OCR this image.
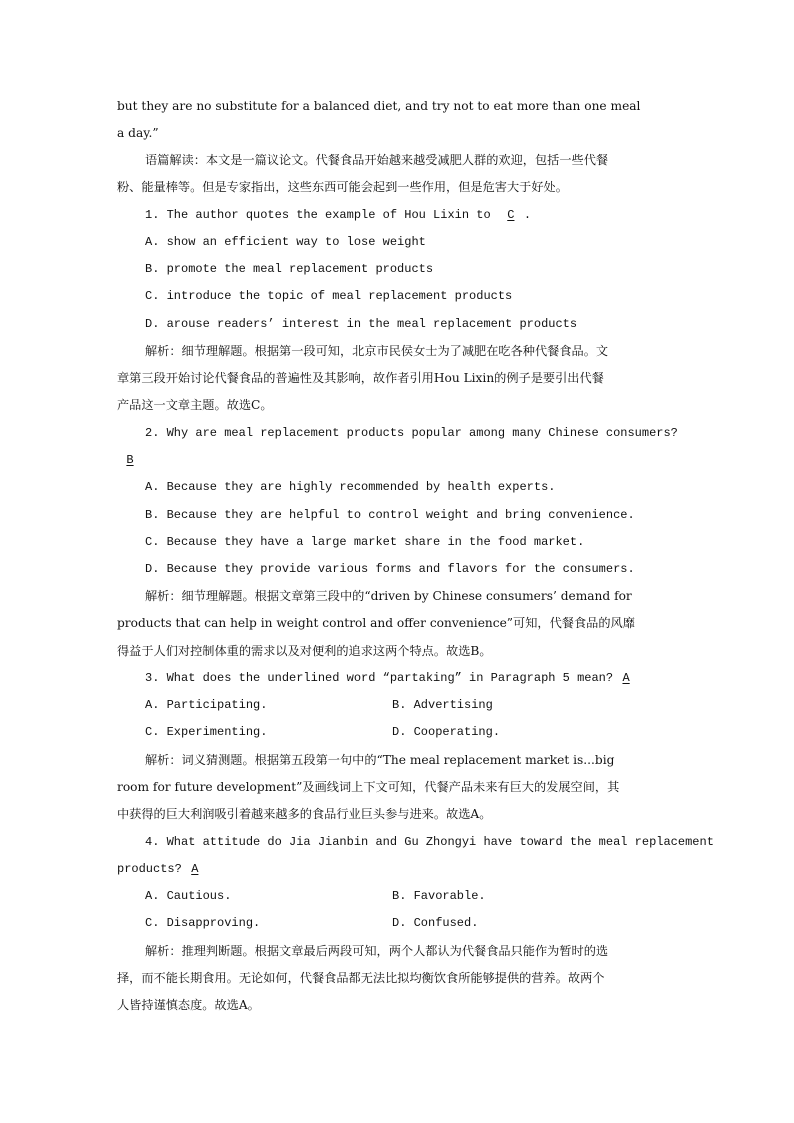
but they are no substitute for a balanced diet, and try not to eat more than one meal
a day.”
语篇解读：本文是一篇议论文。代餐食品开始越来越受减肥人群的欢迎，包括一些代餐
粉、能量棒等。但是专家指出，这些东西可能会起到一些作用，但是危害大于好处。
1. The author quotes the example of Hou Lixin to C .
A. show an efficient way to lose weight
B. promote the meal replacement products
C. introduce the topic of meal replacement products
D. arouse readers’ interest in the meal replacement products
解析：细节理解题。根据第一段可知，北京市民侯女士为了减肥在吃各种代餐食品。文
章第三段开始讨论代餐食品的普遍性及其影响，故作者引用Hou Lixin的例子是要引出代餐
产品这一文章主题。故选C。
2. Why are meal replacement products popular among many Chinese consumers?
B
A. Because they are highly recommended by health experts.
B. Because they are helpful to control weight and bring convenience.
C. Because they have a large market share in the food market.
D. Because they provide various forms and flavors for the consumers.
解析：细节理解题。根据文章第三段中的“driven by Chinese consumers’ demand for
products that can help in weight control and offer convenience”可知，代餐食品的风靡
得益于人们对控制体重的需求以及对便利的追求这两个特点。故选B。
3. What does the underlined word “partaking” in Paragraph 5 mean? A
A. Participating.	B. Advertising
C. Experimenting.	D. Cooperating.
解析：词义猜测题。根据第五段第一句中的“The meal replacement market is...big
room for future development”及画线词上下文可知，代餐产品未来有巨大的发展空间，其
中获得的巨大利润吸引着越来越多的食品行业巨头参与进来。故选A。
4. What attitude do Jia Jianbin and Gu Zhongyi have toward the meal replacement
products? A
A. Cautious.	B. Favorable.
C. Disapproving.	D. Confused.
解析：推理判断题。根据文章最后两段可知，两个人都认为代餐食品只能作为暂时的选
择，而不能长期食用。无论如何，代餐食品都无法比拟均衡饮食所能够提供的营养。故两个
人皆持谨慎态度。故选A。
